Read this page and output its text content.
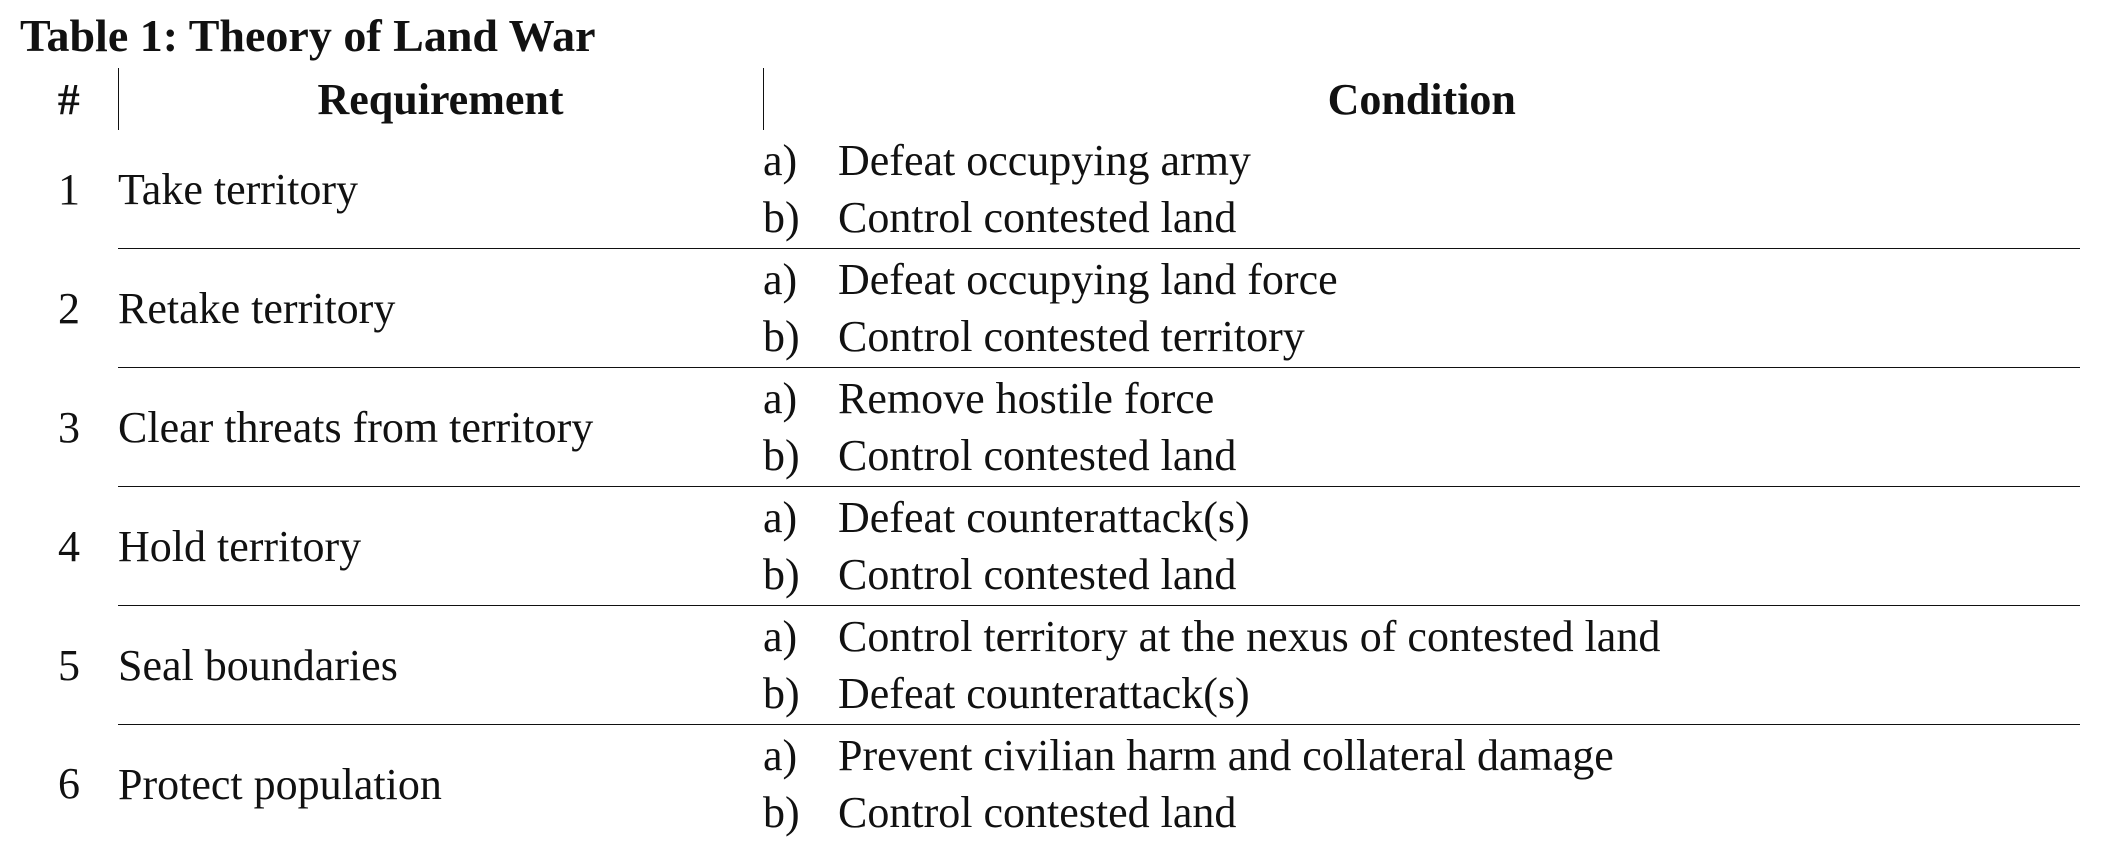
Table 1: Theory of Land War
#	Requirement	Condition
1	Take territory	a) Defeat occupying army
b) Control contested land

2	Retake territory	a) Defeat occupying land force
b) Control contested territory

3	Clear threats from territory	a) Remove hostile force
b) Control contested land

4	Hold territory	a) Defeat counterattack(s)
b) Control contested land

5	Seal boundaries	a) Control territory at the nexus of contested land
b) Defeat counterattack(s)

6	Protect population	a) Prevent civilian harm and collateral damage
b) Control contested land
